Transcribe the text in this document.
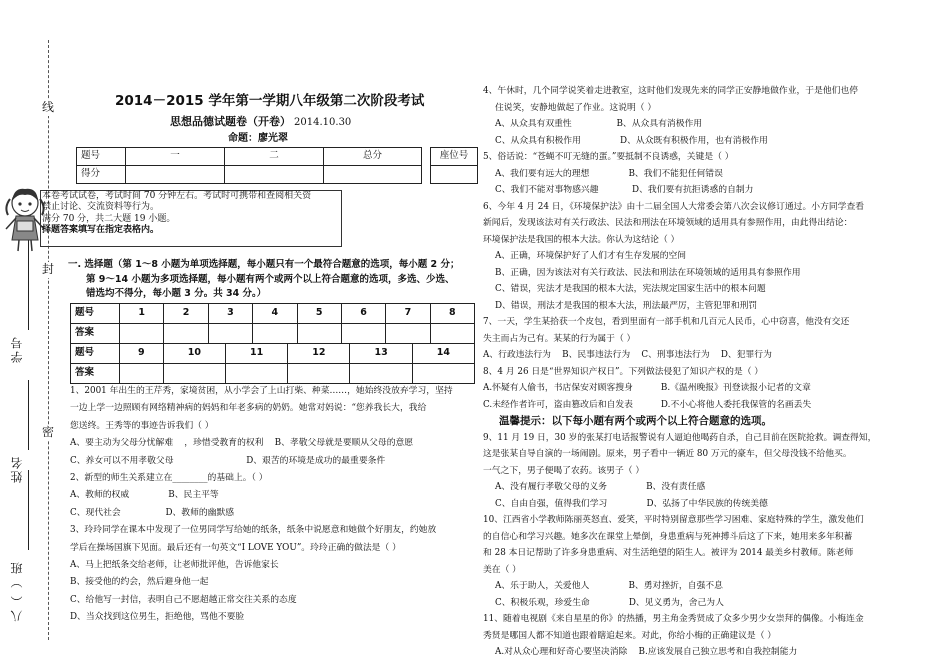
八（ ）班
姓名
学号
密
封
线	2014－2015 学年第一学期八年级第二次阶段考试
思想品德试题卷（开卷） 2014.10.30
命题：廖光翠
题号	一	二	总分
得分			
座位号

本卷考试试卷，考试时间 70 分钟左右。考试时可携带和查阅相关资
禁止讨论、交流资料等行为。
满分 70 分，共二大题 19 小题。
择题答案填写在指定表格内。
一. 选择题（第 1～8 小题为单项选择题，每小题只有一个最符合题意的选项，每小题 2 分；
第 9～14 小题为多项选择题，每小题有两个或两个以上符合题意的选项，多选、少选、
错选均不得分，每小题 3 分。共 34 分。）
题号	1	2	3	4	5	6	7	8
答案								
题号	9	10	11	12	13	14
答案						
1、2001 年出生的王芹秀，家境贫困，从小学会了上山打柴、种菜……，她始终没放弃学习，坚持
一边上学一边照顾有网络精神病的妈妈和年老多病的奶奶。她常对妈说：“您养我长大，我给
您送终。王秀等的事迹告诉我们（ ）
A、要主动为父母分忧解难    ，珍惜受教育的权利    B、孝敬父母就是要顺从父母的意愿
C、养女可以不用孝敬父母                          D、艰苦的环境是成功的最重要条件
2、新型的师生关系建立在________的基础上。（ ）
A、教师的权威              B、民主平等
C、现代社会                D、教师的幽默感
3、玲玲同学在课本中发现了一位男同学写给她的纸条，纸条中说愿意和她做个好朋友，约她放
学后在操场国旗下见面。最后还有一句英文“I LOVE YOU”。玲玲正确的做法是（ ）
A、马上把纸条交给老师，让老师批评他，告诉他家长
B、接受他的约会，然后避身他一起
C、给他写一封信，表明自己不愿超越正常交往关系的态度
D、当众找到这位男生，拒绝他，骂他不要脸
4、午休时，几个同学说笑着走进教室，这时他们发现先来的同学正安静地做作业，于是他们也停
住说笑，安静地做起了作业。这说明（ ）
A、从众具有双重性                B、从众具有消极作用
C、从众具有积极作用              D、从众既有积极作用，也有消极作用
5、俗话说：“苍蝇不叮无缝的蛋。”要抵制不良诱惑，关键是（ ）
A、我们要有远大的理想              B、我们不能犯任何错误
C、我们不能对事物感兴趣            D、我们要有抗拒诱惑的自制力
6、今年 4 月 24 日，《环境保护法》由十二届全国人大常委会第八次会议修订通过。小方同学查看
新闻后，发现该法对有关行政法、民法和刑法在环境领域的适用具有参照作用，由此得出结论：
环境保护法是我国的根本大法。你认为这结论（ ）
A、正确，环境保护好了人们才有生存发展的空间
B、正确，因为该法对有关行政法、民法和刑法在环境领域的适用具有参照作用
C、错误，宪法才是我国的根本大法，宪法规定国家生活中的根本问题
D、错误，刑法才是我国的根本大法，刑法最严厉，主管犯罪和刑罚
7、一天，学生某拾获一个皮包，看到里面有一部手机和几百元人民币，心中窃喜，他没有交还
失主而占为己有。某某的行为属于（ ）
A、行政违法行为    B、民事违法行为    C、刑事违法行为    D、犯罪行为
8、4 月 26 日是“世界知识产权日”。下列做法侵犯了知识产权的是（ ）
A.怀疑有人偷书，书店保安对顾客搜身          B.《温州晚报》刊登读报小记者的文章
C.未经作者许可，盗由篡改后和自发表          D.不小心将他人委托我保管的名画丢失
温馨提示：以下每小题有两个或两个以上符合题意的选项。
9、11 月 19 日，30 岁的张某打电话报警说有人逼迫他喝药自杀，自己目前在医院抢救。调查得知，
这是张某自导自演的一场闹剧。原来，男子看中一辆近 80 万元的豪车，但父母没钱不给他买。
一气之下，男子便喝了农药。该男子（ ）
A、没有履行孝敬父母的义务              B、没有责任感
C、自由自强，值得我们学习              D、弘扬了中华民族的传统美德
10、江西省小学教师陈丽英怒直、爱笑，平时特别留意那些学习困难、家庭特殊的学生，激发他们
的自信心和学习兴趣。她多次在课堂上晕倒，身患重病与死神搏斗后这了下来，她用来多年积蓄
和 28 本日记帮助了许多身患重病、对生活绝望的陌生人。被评为 2014 最美乡村教师。陈老师
美在（ ）
A、乐于助人，关爱他人              B、勇对挫折，自强不息
C、积极乐观，珍爱生命              D、见义勇为，舍己为人
11、随着电视剧《来自星星的你》的热播，男主角金秀贤成了众多少男少女崇拜的偶像。小梅连金
秀贤是哪国人都不知道也跟着瞎追起来。对此，你给小梅的正确建议是（ ）
A.对从众心理和好奇心要坚决消除    B.应该发展自己独立思考和自我控制能力
